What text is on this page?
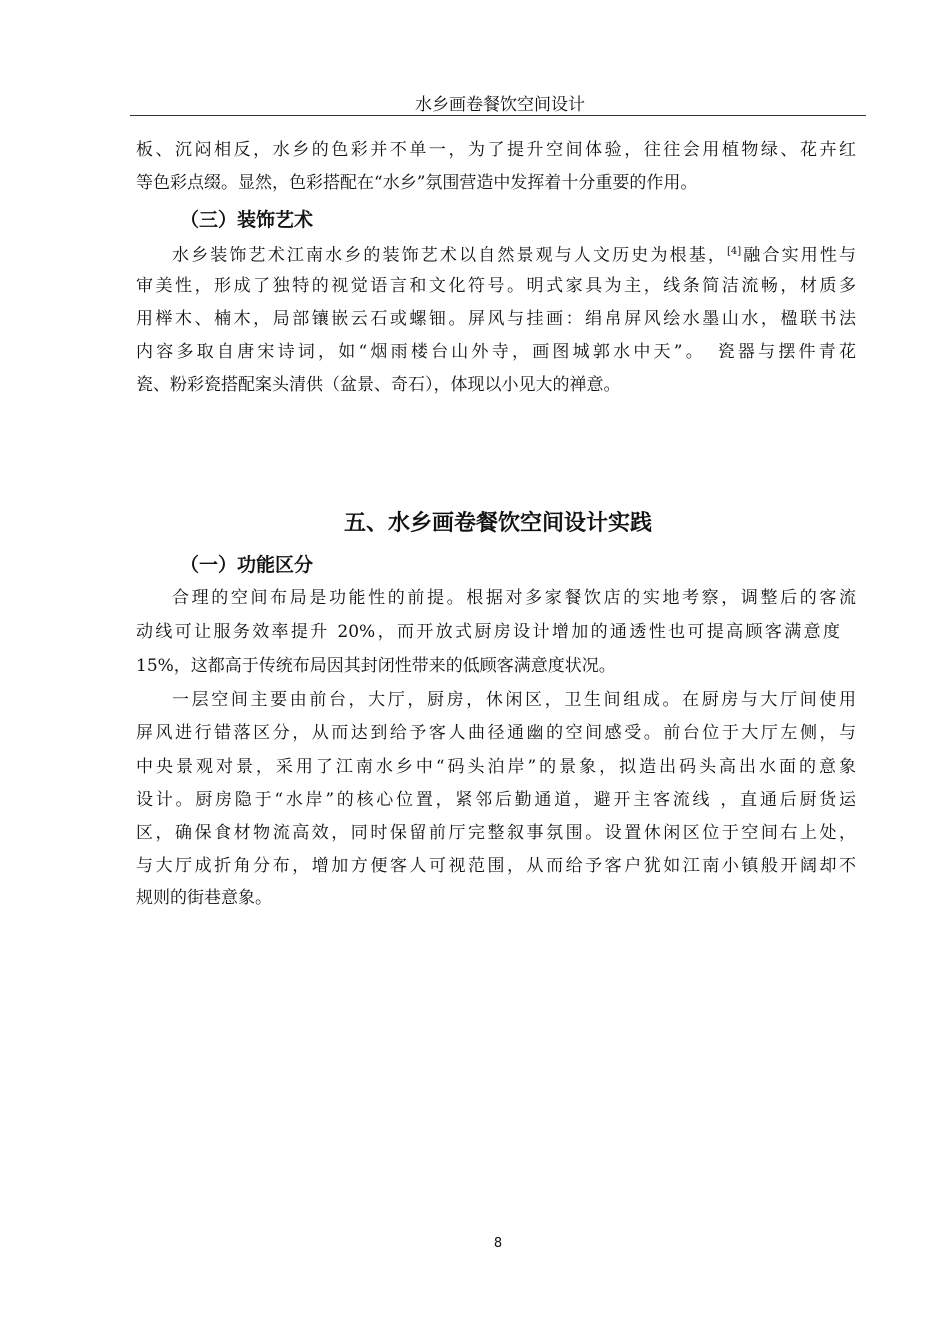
水乡画卷餐饮空间设计
板、沉闷相反，水乡的色彩并不单一，为了提升空间体验，往往会用植物绿、花卉红
等色彩点缀。显然，色彩搭配在“水乡”氛围营造中发挥着十分重要的作用。
（三）装饰艺术
水乡装饰艺术江南水乡的装饰艺术以自然景观与人文历史为根基，[4]融合实用性与
审美性，形成了独特的视觉语言和文化符号。明式家具为主，线条简洁流畅，材质多
用榉木、楠木，局部镶嵌云石或螺钿。屏风与挂画：绢帛屏风绘水墨山水，楹联书法
内容多取自唐宋诗词，如“烟雨楼台山外寺，画图城郭水中天”。　瓷器与摆件青花
瓷、粉彩瓷搭配案头清供（盆景、奇石），体现以小见大的禅意。
五、水乡画卷餐饮空间设计实践
（一）功能区分
合理的空间布局是功能性的前提。根据对多家餐饮店的实地考察，调整后的客流
动线可让服务效率提升 20%，而开放式厨房设计增加的通透性也可提高顾客满意度
15%，这都高于传统布局因其封闭性带来的低顾客满意度状况。
一层空间主要由前台，大厅，厨房，休闲区，卫生间组成。在厨房与大厅间使用
屏风进行错落区分，从而达到给予客人曲径通幽的空间感受。前台位于大厅左侧，与
中央景观对景，采用了江南水乡中“码头泊岸”的景象，拟造出码头高出水面的意象
设计。厨房隐于“水岸”的核心位置，紧邻后勤通道，避开主客流线 ，直通后厨货运
区，确保食材物流高效，同时保留前厅完整叙事氛围。设置休闲区位于空间右上处，
与大厅成折角分布，增加方便客人可视范围，从而给予客户犹如江南小镇般开阔却不
规则的街巷意象。
8
